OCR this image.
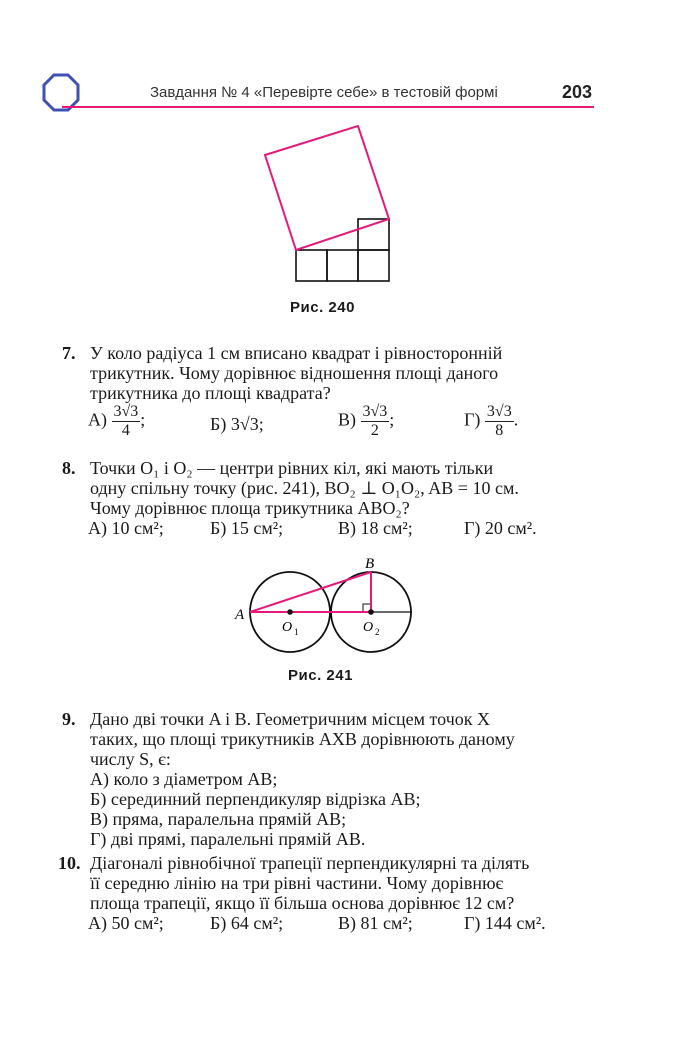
Завдання № 4 «Перевірте себе» в тестовій формі	203
Рис. 240
7. У коло радіуса 1 см вписано квадрат і рівносторонній
трикутник. Чому дорівнює відношення площі даного
трикутника до площі квадрата?
$А) \frac{3√3}{4}$ ;	Б) 3√3;	$В) \frac{3√3}{2}$ ;	$Г) \frac{3√3}{8}$ .
8. Точки O₁ і O₂ — центри рівних кіл, які мають тільки
одну спільну точку (рис. 241), BO₂ ⊥ O₁O₂, AB = 10 см.
Чому дорівнює площа трикутника ABO₂?
А) 10 см²;	Б) 15 см²;	В) 18 см²;	Г) 20 см².
A
B
O 1	O 2
Рис. 241
9. Дано дві точки A і B. Геометричним місцем точок X
таких, що площі трикутників AXB дорівнюють даному
числу S, є:
А) коло з діаметром AB;
Б) серединний перпендикуляр відрізка AB;
В) пряма, паралельна прямій AB;
Г) дві прямі, паралельні прямій AB.
10. Діагоналі рівнобічної трапеції перпендикулярні та ділять
її середню лінію на три рівні частини. Чому дорівнює
площа трапеції, якщо її більша основа дорівнює 12 см?
А) 50 см²;	Б) 64 см²;	В) 81 см²;	Г) 144 см².
